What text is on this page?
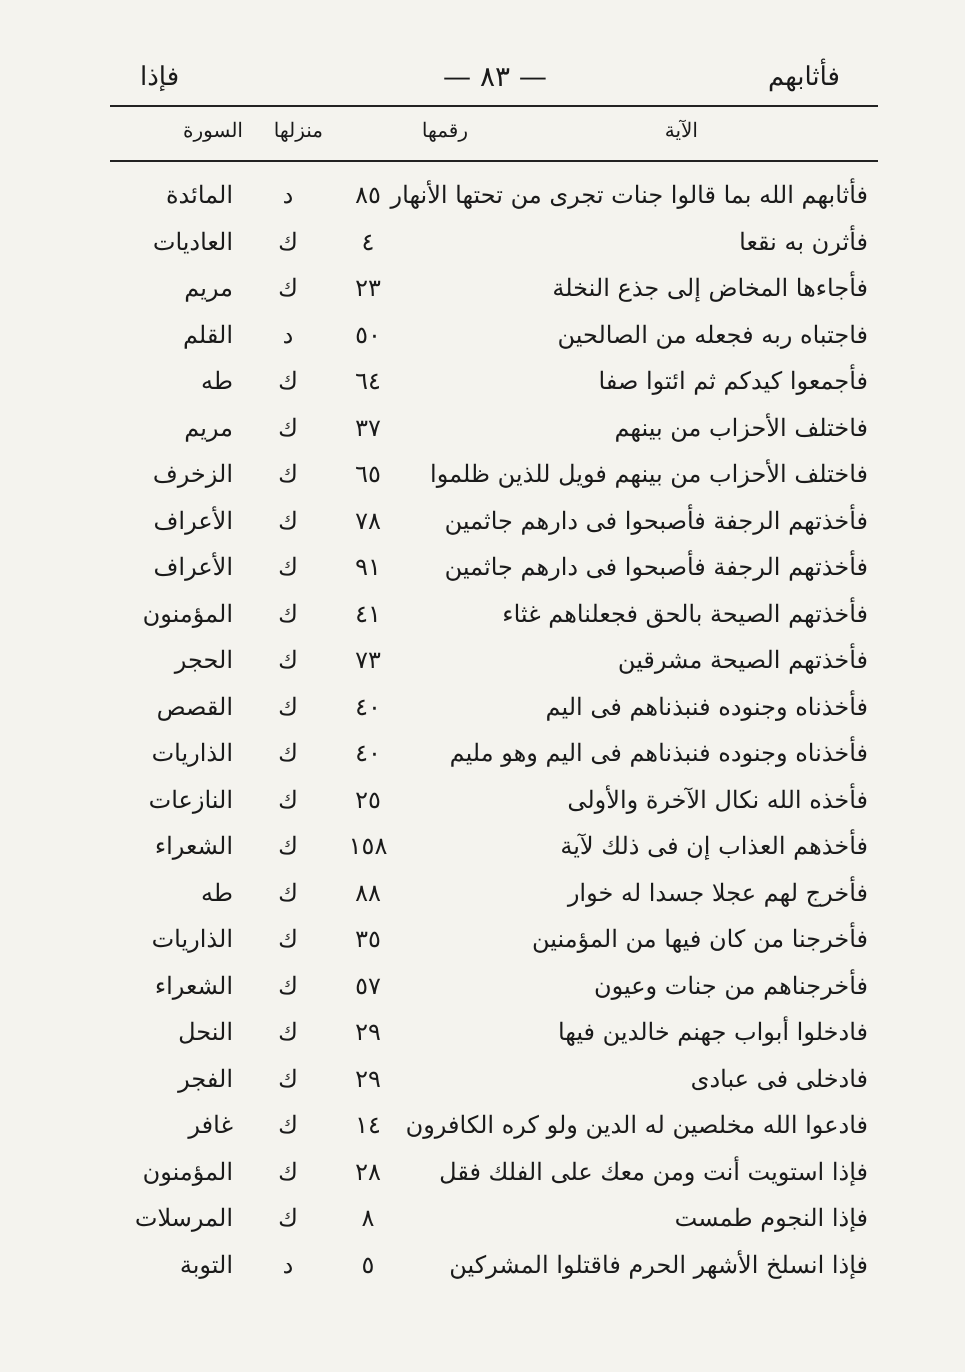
فأثابهم
— ٨٣ —
فإذا
الآية
رقمها
منزلها
السورة
فأثابهم الله بما قالوا جنات تجرى من تحتها الأنهار
٨٥
د
المائدة
فأثرن به نقعا
٤
ك
العاديات
فأجاءها المخاض إلى جذع النخلة
٢٣
ك
مريم
فاجتباه ربه فجعله من الصالحين
٥٠
د
القلم
فأجمعوا كيدكم ثم ائتوا صفا
٦٤
ك
طه
فاختلف الأحزاب من بينهم
٣٧
ك
مريم
فاختلف الأحزاب من بينهم فويل للذين ظلموا
٦٥
ك
الزخرف
فأخذتهم الرجفة فأصبحوا فى دارهم جاثمين
٧٨
ك
الأعراف
فأخذتهم الرجفة فأصبحوا فى دارهم جاثمين
٩١
ك
الأعراف
فأخذتهم الصيحة بالحق فجعلناهم غثاء
٤١
ك
المؤمنون
فأخذتهم الصيحة مشرقين
٧٣
ك
الحجر
فأخذناه وجنوده فنبذناهم فى اليم
٤٠
ك
القصص
فأخذناه وجنوده فنبذناهم فى اليم وهو مليم
٤٠
ك
الذاريات
فأخذه الله نكال الآخرة والأولى
٢٥
ك
النازعات
فأخذهم العذاب إن فى ذلك لآية
١٥٨
ك
الشعراء
فأخرج لهم عجلا جسدا له خوار
٨٨
ك
طه
فأخرجنا من كان فيها من المؤمنين
٣٥
ك
الذاريات
فأخرجناهم من جنات وعيون
٥٧
ك
الشعراء
فادخلوا أبواب جهنم خالدين فيها
٢٩
ك
النحل
فادخلى فى عبادى
٢٩
ك
الفجر
فادعوا الله مخلصين له الدين ولو كره الكافرون
١٤
ك
غافر
فإذا استويت أنت ومن معك على الفلك فقل
٢٨
ك
المؤمنون
فإذا النجوم طمست
٨
ك
المرسلات
فإذا انسلخ الأشهر الحرم فاقتلوا المشركين
٥
د
التوبة
